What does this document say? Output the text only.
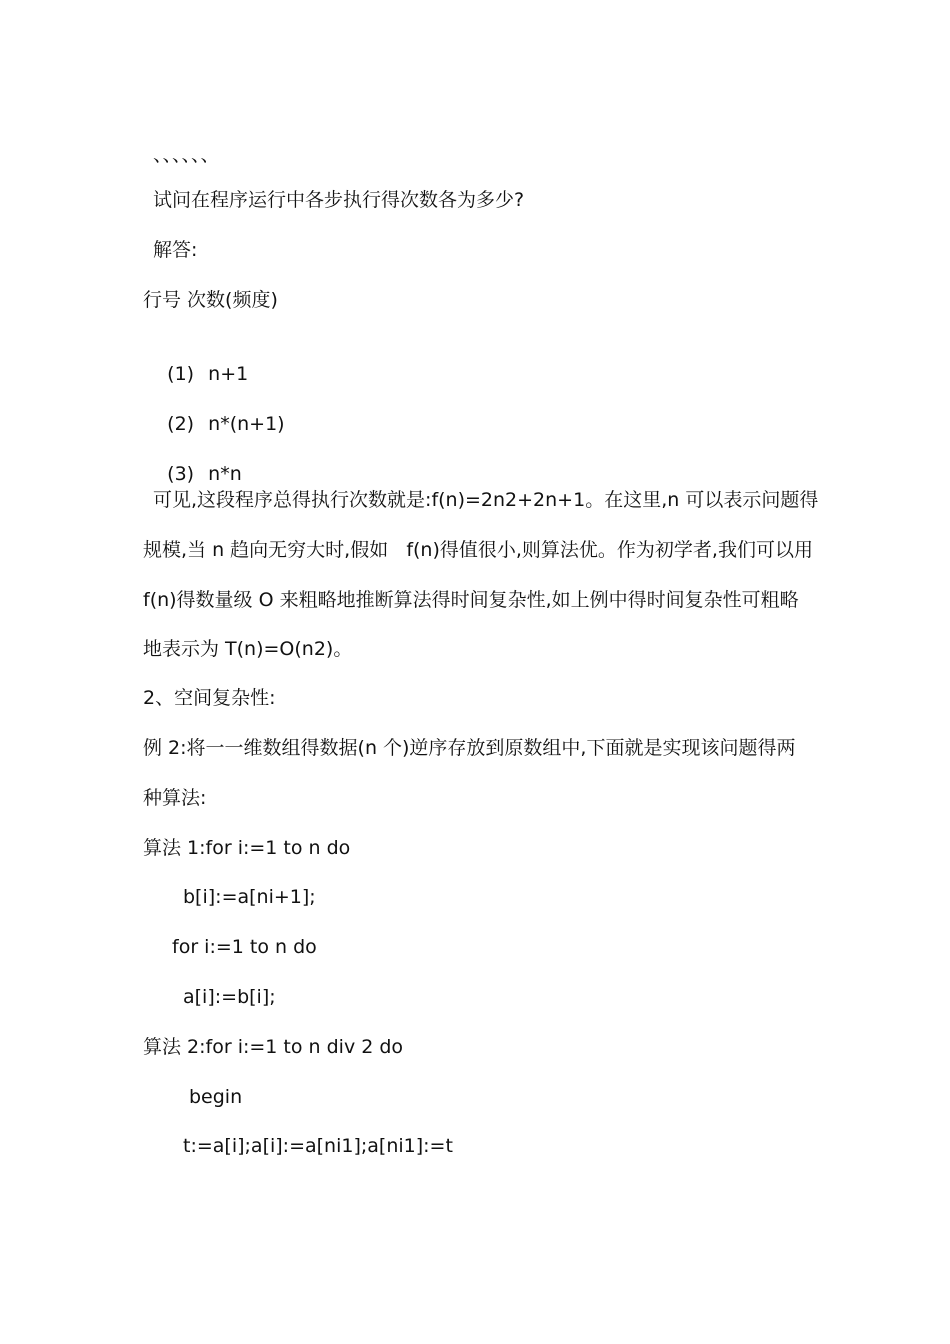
、、、、、、
试问在程序运行中各步执行得次数各为多少?
解答:
行号 次数(频度)

(1) n+1

(2) n*(n+1)

(3) n*n

可见,这段程序总得执行次数就是:f(n)=2n2+2n+1。在这里,n 可以表示问题得
规模,当 n 趋向无穷大时,假如   f(n)得值很小,则算法优。作为初学者,我们可以用
f(n)得数量级 O 来粗略地推断算法得时间复杂性,如上例中得时间复杂性可粗略
地表示为 T(n)=O(n2)。
2、空间复杂性:
例 2:将一一维数组得数据(n 个)逆序存放到原数组中,下面就是实现该问题得两
种算法:
算法 1:for i:=1 to n do
b[i]:=a[ni+1];
for i:=1 to n do
a[i]:=b[i];
算法 2:for i:=1 to n div 2 do
begin
t:=a[i];a[i]:=a[ni1];a[ni1]:=t
